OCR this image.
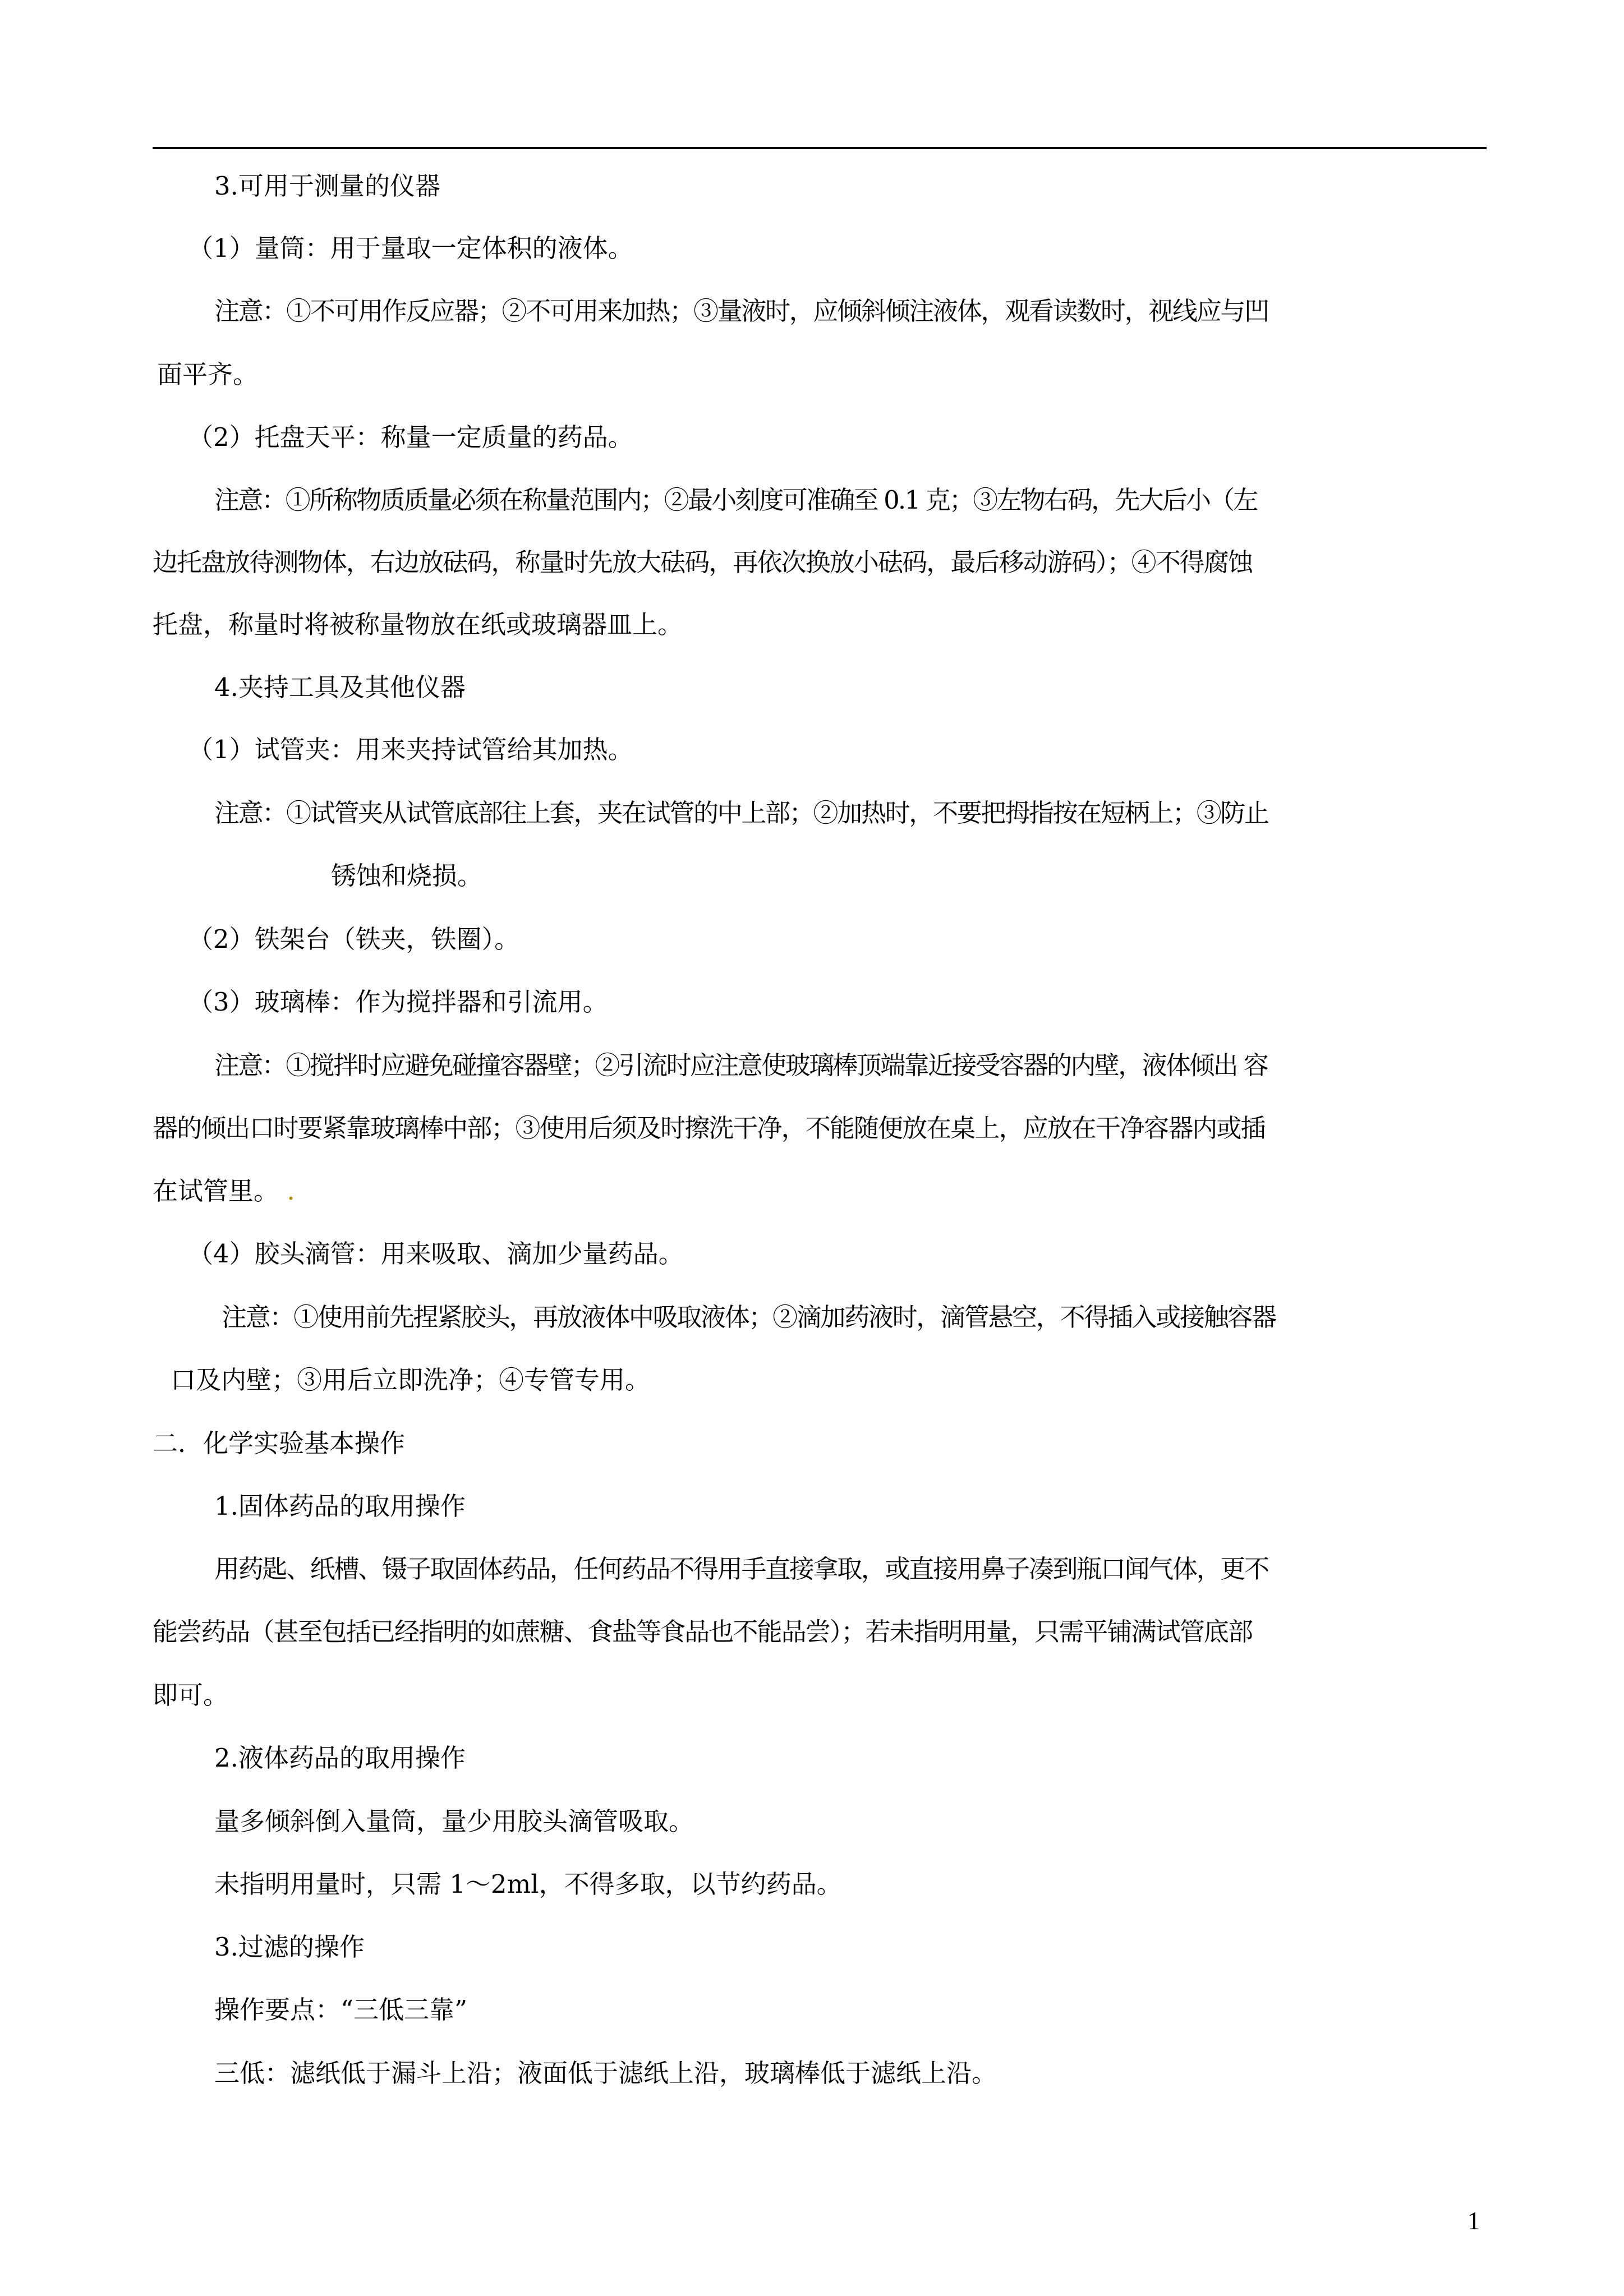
3.可用于测量的仪器
（1）量筒：用于量取一定体积的液体。
注意：①不可用作反应器；②不可用来加热；③量液时，应倾斜倾注液体，观看读数时，视线应与凹
面平齐。
（2）托盘天平：称量一定质量的药品。
注意：①所称物质质量必须在称量范围内；②最小刻度可准确至 0.1 克；③左物右码，先大后小（左
边托盘放待测物体，右边放砝码，称量时先放大砝码，再依次换放小砝码，最后移动游码）；④不得腐蚀
托盘，称量时将被称量物放在纸或玻璃器皿上。
4.夹持工具及其他仪器
（1）试管夹：用来夹持试管给其加热。
注意：①试管夹从试管底部往上套，夹在试管的中上部；②加热时，不要把拇指按在短柄上；③防止
锈蚀和烧损。
（2）铁架台（铁夹，铁圈）。
（3）玻璃棒：作为搅拌器和引流用。
注意：①搅拌时应避免碰撞容器壁；②引流时应注意使玻璃棒顶端靠近接受容器的内壁，液体倾出 容
器的倾出口时要紧靠玻璃棒中部；③使用后须及时擦洗干净，不能随便放在桌上，应放在干净容器内或插
在试管里。 .
（4）胶头滴管：用来吸取、滴加少量药品。
注意：①使用前先捏紧胶头，再放液体中吸取液体；②滴加药液时，滴管悬空，不得插入或接触容器
口及内壁；③用后立即洗净；④专管专用。
二．化学实验基本操作
1.固体药品的取用操作
用药匙、纸槽、镊子取固体药品，任何药品不得用手直接拿取，或直接用鼻子凑到瓶口闻气体，更不
能尝药品（甚至包括已经指明的如蔗糖、食盐等食品也不能品尝）；若未指明用量，只需平铺满试管底部
即可。
2.液体药品的取用操作
量多倾斜倒入量筒，量少用胶头滴管吸取。
未指明用量时，只需 1～2ml，不得多取，以节约药品。
3.过滤的操作
操作要点：“三低三靠”
三低：滤纸低于漏斗上沿；液面低于滤纸上沿，玻璃棒低于滤纸上沿。
1
